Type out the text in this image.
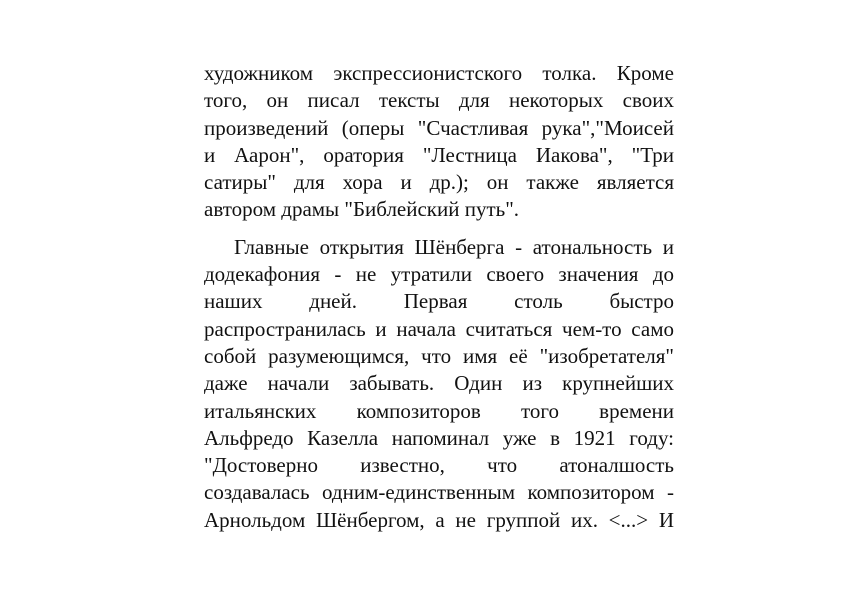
художником экспрессионистского толка. Кроме
того, он писал тексты для некоторых своих
произведений (оперы "Счастливая рука","Моисей
и Аарон", оратория "Лестница Иакова", "Три
сатиры" для хора и др.); он также является
автором драмы "Библейский путь".

Главные открытия Шёнберга - атональность и
додекафония - не утратили своего значения до
наших дней. Первая столь быстро
распространилась и начала считаться чем-то само
собой разумеющимся, что имя её "изобретателя"
даже начали забывать. Один из крупнейших
итальянских композиторов того времени
Альфредо Казелла напоминал уже в 1921 году:
"Достоверно известно, что атоналшость
создавалась одним-единственным композитором -
Арнольдом Шёнбергом, а не группой их. <...> И
